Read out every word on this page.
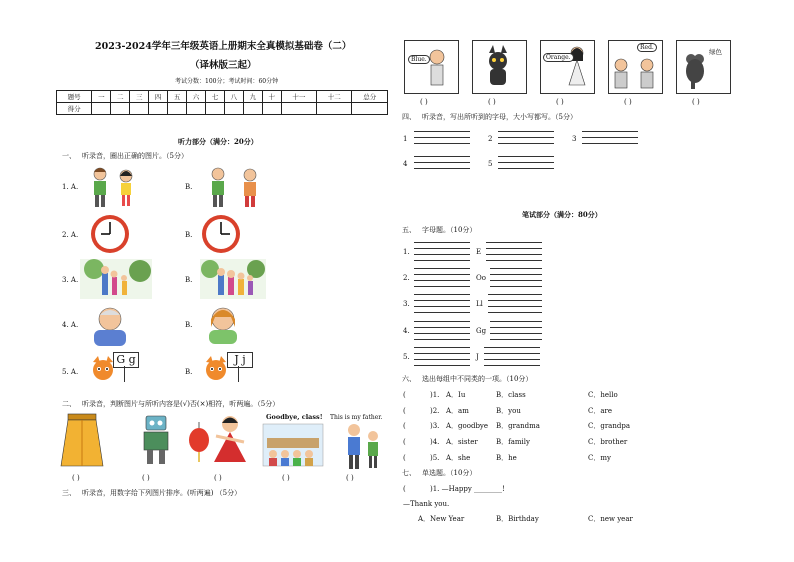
2023-2024学年三年级英语上册期末全真模拟基础卷（二）
（译林版三起）
考试分数：100分；考试时间：60分钟
题号	一	二	三	四	五	六	七	八	九	十	十一	十二	总分
得分													
听力部分（满分：20分）
一、 听录音，圈出正确的图片。（5分）
1. A.	B.
2. A.	B.
3. A.	B.
4. A.	B.
5. A.	B.
G g	J j
二、 听录音，判断图片与所听内容是(√)否(×)相符，听两遍。（5分）
Goodbye, class! This is my father.
( )	( )	( )	( )	( )
三、 听录音，用数字给下列图片排序。(听两遍) （5分）
Blue.	Orange.
Red.
绿色
( )	( )	( )	( )	( )
四、 听录音，写出所听到的字母，大小写都写。（5分）
1	2	3
4	5
笔试部分（满分：80分）
五、 字母题。（10分）
1.	E
2.	Oo
3.	Ll
4.	Gg
5.	J
六、 选出每组中不同类的一项。（10分）
(	)1. A．Iu	B．class	C．hello
(	)2. A．am	B．you	C．are
(	)3. A．goodbye B．grandma	C．grandpa
(	)4. A．sister	B．family	C．brother
(	)5. A．she	B．he	C．my
七、 单选题。（10分）
(	)1. —Happy ________!
—Thank you.
A．New Year	B．Birthday	C．new year
